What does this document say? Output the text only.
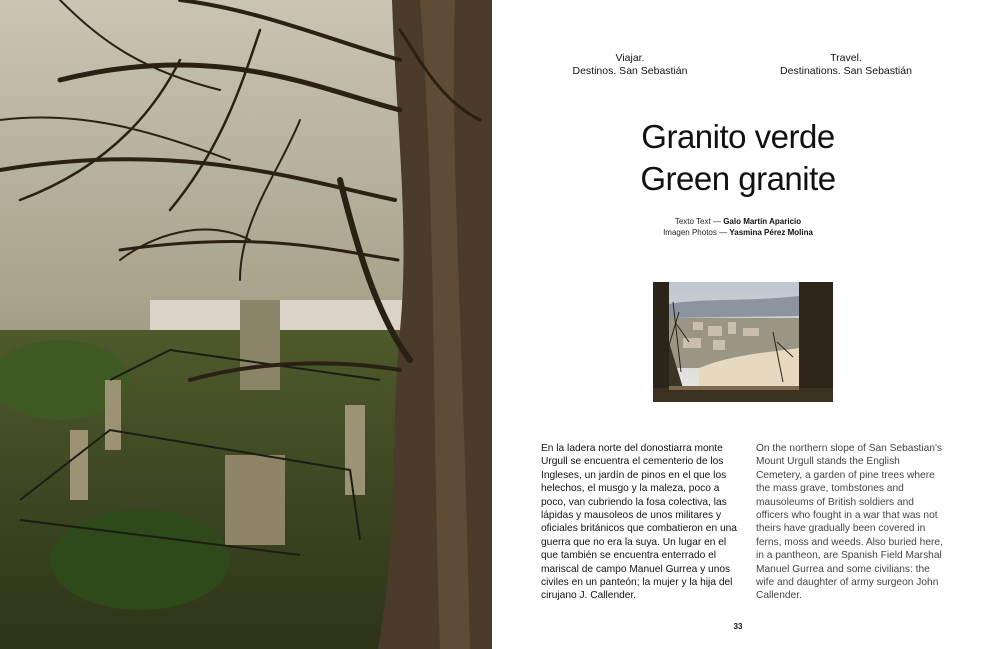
Viajar.
Destinos. San Sebastián
Travel.
Destinations. San Sebastián
Granito verde
Green granite
Texto Text — Galo Martín Aparicio
Imagen Photos — Yasmina Pérez Molina

En la ladera norte del donostiarra monte Urgull se encuentra el cementerio de los Ingleses, un jardín de pinos en el que los helechos, el musgo y la maleza, poco a poco, van cubriendo la fosa colectiva, las lápidas y mausoleos de unos militares y oficiales británicos que combatieron en una guerra que no era la suya. Un lugar en el que también se encuentra enterrado el mariscal de campo Manuel Gurrea y unos civiles en un panteón; la mujer y la hija del cirujano J. Callender.

On the northern slope of San Sebastian's Mount Urgull stands the English Cemetery, a garden of pine trees where the mass grave, tombstones and mausoleums of British soldiers and officers who fought in a war that was not theirs have gradually been covered in ferns, moss and weeds. Also buried here, in a pantheon, are Spanish Field Marshal Manuel Gurrea and some civilians: the wife and daughter of army surgeon John Callender.

33
